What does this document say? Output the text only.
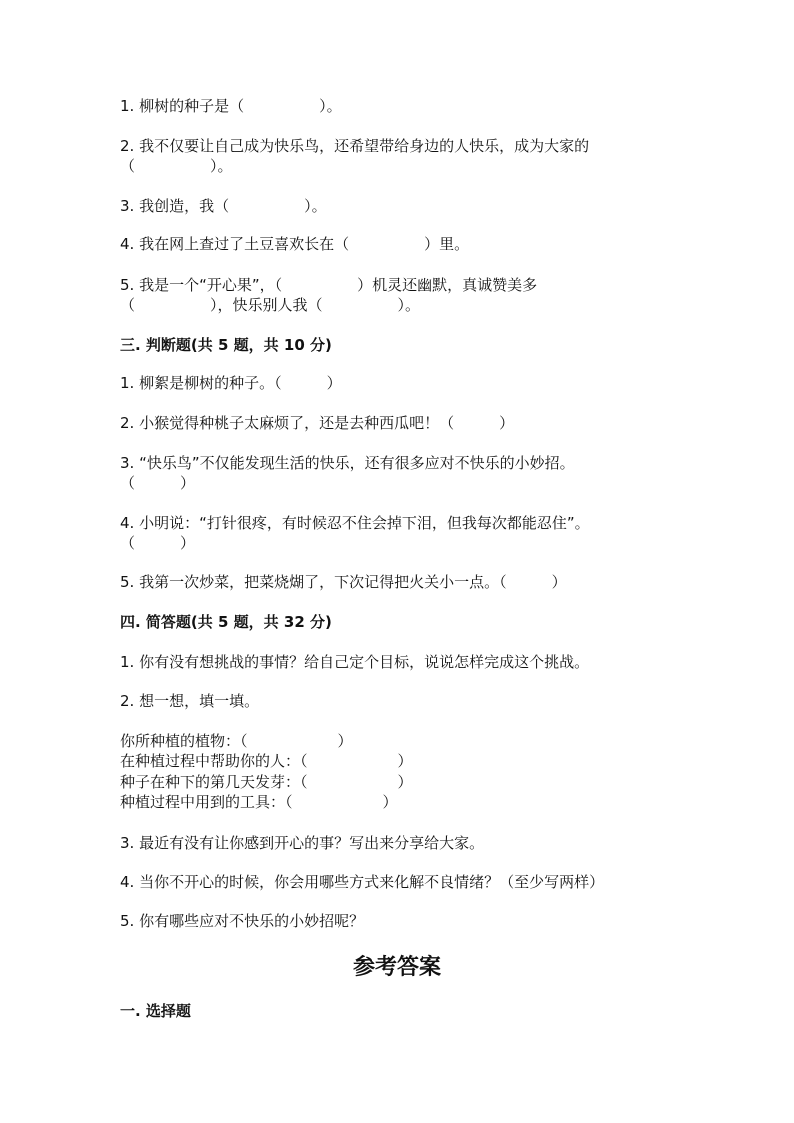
1. 柳树的种子是（　　　　　）。
2. 我不仅要让自己成为快乐鸟，还希望带给身边的人快乐，成为大家的
（　　　　　）。
3. 我创造，我（　　　　　）。
4. 我在网上查过了土豆喜欢长在（　　　　　）里。
5. 我是一个“开心果”，（　　　　　）机灵还幽默，真诚赞美多
（　　　　　），快乐别人我（　　　　　）。
三. 判断题(共 5 题，共 10 分)
1. 柳絮是柳树的种子。（　　　）
2. 小猴觉得种桃子太麻烦了，还是去种西瓜吧！（　　　）
3. “快乐鸟”不仅能发现生活的快乐，还有很多应对不快乐的小妙招。
（　　　）
4. 小明说：“打针很疼，有时候忍不住会掉下泪，但我每次都能忍住”。
（　　　）
5. 我第一次炒菜，把菜烧煳了，下次记得把火关小一点。（　　　）
四. 简答题(共 5 题，共 32 分)
1. 你有没有想挑战的事情？给自己定个目标，说说怎样完成这个挑战。
2. 想一想，填一填。
你所种植的植物：（　　　　　　）
在种植过程中帮助你的人：（　　　　　　）
种子在种下的第几天发芽：（　　　　　　）
种植过程中用到的工具：（　　　　　　）
3. 最近有没有让你感到开心的事？写出来分享给大家。
4. 当你不开心的时候，你会用哪些方式来化解不良情绪？（至少写两样）
5. 你有哪些应对不快乐的小妙招呢？
参考答案
一. 选择题
